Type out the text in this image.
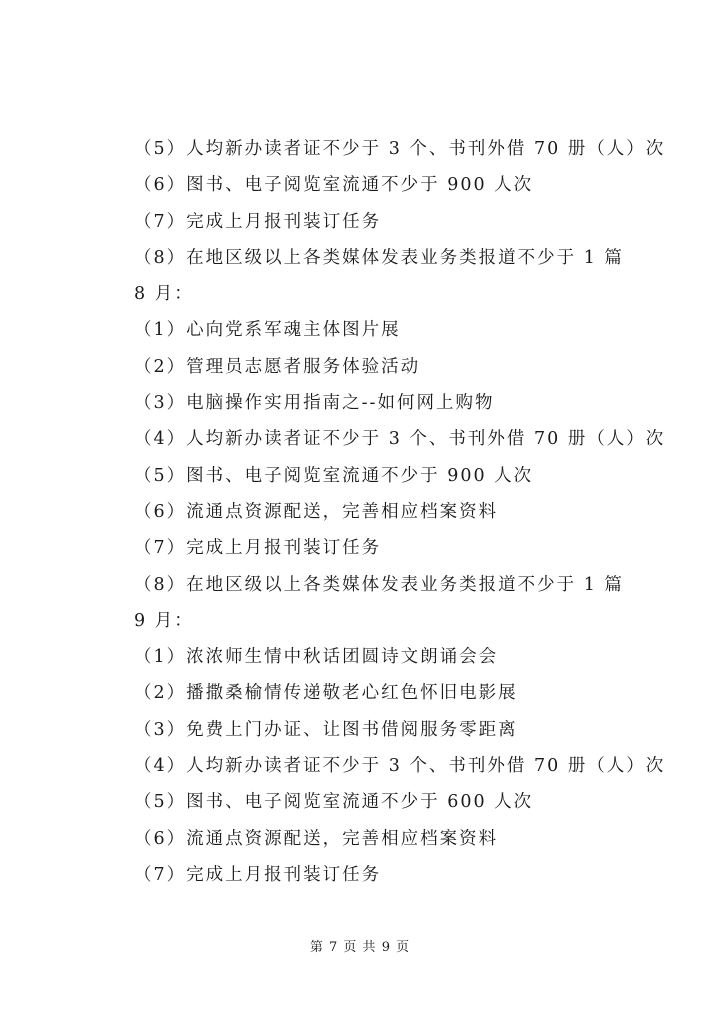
（5）人均新办读者证不少于 3 个、书刊外借 70 册（人）次
（6）图书、电子阅览室流通不少于 900 人次
（7）完成上月报刊装订任务
（8）在地区级以上各类媒体发表业务类报道不少于 1 篇
8 月：
（1）心向党系军魂主体图片展
（2）管理员志愿者服务体验活动
（3）电脑操作实用指南之--如何网上购物
（4）人均新办读者证不少于 3 个、书刊外借 70 册（人）次
（5）图书、电子阅览室流通不少于 900 人次
（6）流通点资源配送，完善相应档案资料
（7）完成上月报刊装订任务
（8）在地区级以上各类媒体发表业务类报道不少于 1 篇
9 月：
（1）浓浓师生情中秋话团圆诗文朗诵会会
（2）播撒桑榆情传递敬老心红色怀旧电影展
（3）免费上门办证、让图书借阅服务零距离
（4）人均新办读者证不少于 3 个、书刊外借 70 册（人）次
（5）图书、电子阅览室流通不少于 600 人次
（6）流通点资源配送，完善相应档案资料
（7）完成上月报刊装订任务
第 7 页 共 9 页
